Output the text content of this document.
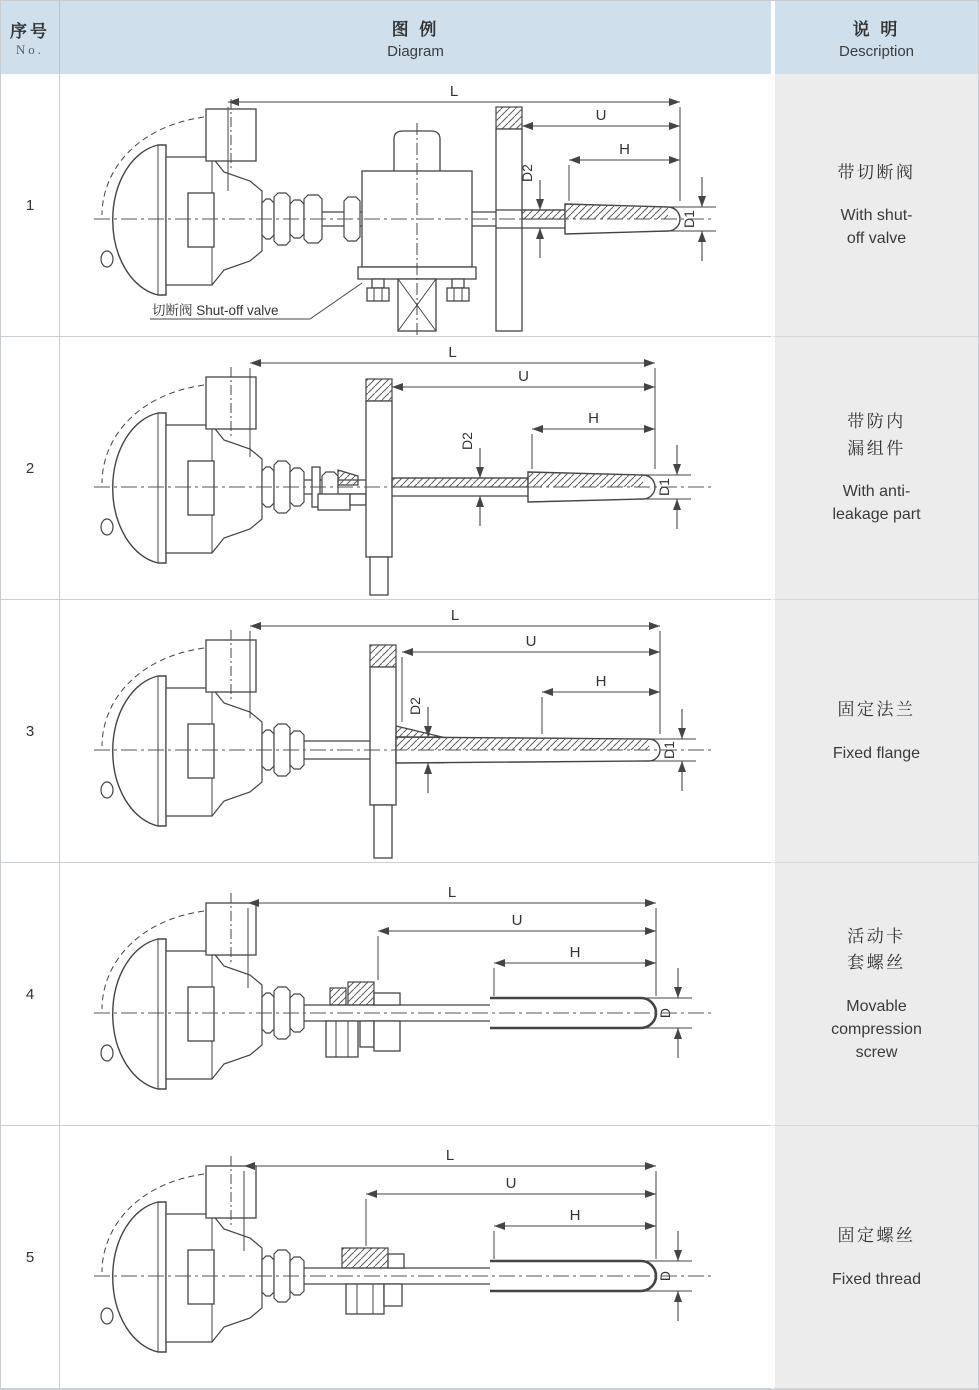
序号
No.
图 例
Diagram
说 明
Description
1
L
U
H
D2
D1
切断阀 Shut-off valve
带切断阀
With shut-
off valve
2
L
U
H
D2
D1
带防内
漏组件
With anti-
leakage part
3
L
U
H
D2
D1
固定法兰
Fixed flange
4
L
U
H
D
活动卡
套螺丝
Movable
compression
screw
5
L
U
H
D
固定螺丝
Fixed thread
